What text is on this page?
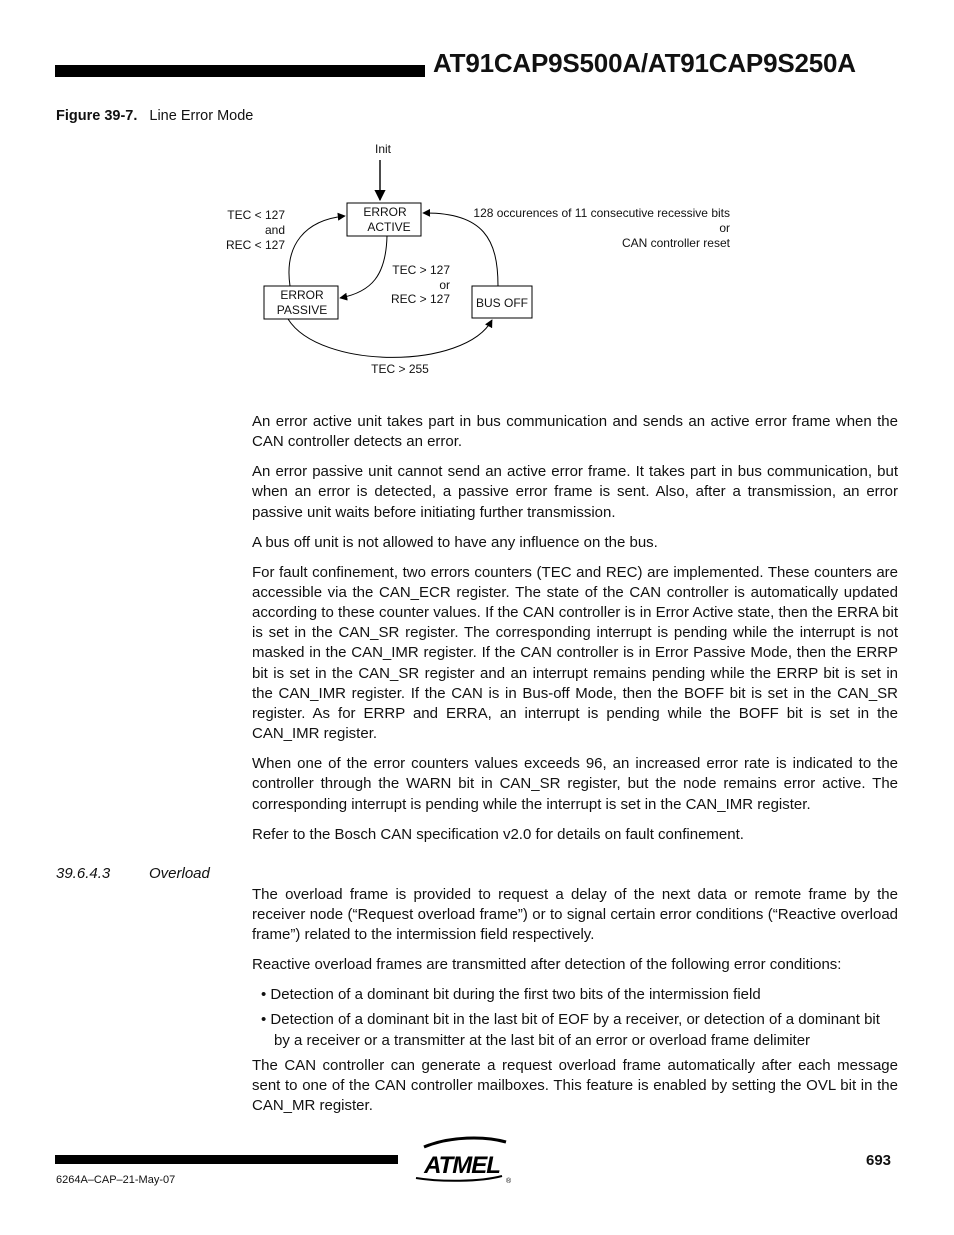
AT91CAP9S500A/AT91CAP9S250A
Figure 39-7. Line Error Mode
Init
ERROR
ACTIVE
ERROR
PASSIVE	BUS OFF
TEC < 127
and
REC < 127
TEC > 127
or
REC > 127
TEC > 255
128 occurences of 11 consecutive recessive bits
or
CAN controller reset

An error active unit takes part in bus communication and sends an active error frame when the CAN controller detects an error.

An error passive unit cannot send an active error frame. It takes part in bus communication, but when an error is detected, a passive error frame is sent. Also, after a transmission, an error passive unit waits before initiating further transmission.

A bus off unit is not allowed to have any influence on the bus.

For fault confinement, two errors counters (TEC and REC) are implemented. These counters are accessible via the CAN_ECR register. The state of the CAN controller is automatically updated according to these counter values. If the CAN controller is in Error Active state, then the ERRA bit is set in the CAN_SR register. The corresponding interrupt is pending while the interrupt is not masked in the CAN_IMR register. If the CAN controller is in Error Passive Mode, then the ERRP bit is set in the CAN_SR register and an interrupt remains pending while the ERRP bit is set in the CAN_IMR register. If the CAN is in Bus-off Mode, then the BOFF bit is set in the CAN_SR register. As for ERRP and ERRA, an interrupt is pending while the BOFF bit is set in the CAN_IMR register.

When one of the error counters values exceeds 96, an increased error rate is indicated to the controller through the WARN bit in CAN_SR register, but the node remains error active. The corresponding interrupt is pending while the interrupt is set in the CAN_IMR register.

Refer to the Bosch CAN specification v2.0 for details on fault confinement.

39.6.4.3	Overload

The overload frame is provided to request a delay of the next data or remote frame by the receiver node (“Request overload frame”) or to signal certain error conditions (“Reactive overload frame”) related to the intermission field respectively.

Reactive overload frames are transmitted after detection of the following error conditions:

• Detection of a dominant bit during the first two bits of the intermission field
• Detection of a dominant bit in the last bit of EOF by a receiver, or detection of a dominant bit by a receiver or a transmitter at the last bit of an error or overload frame delimiter

The CAN controller can generate a request overload frame automatically after each message sent to one of the CAN controller mailboxes. This feature is enabled by setting the OVL bit in the CAN_MR register.

6264A–CAP–21-May-07
693
ATMEL
®
